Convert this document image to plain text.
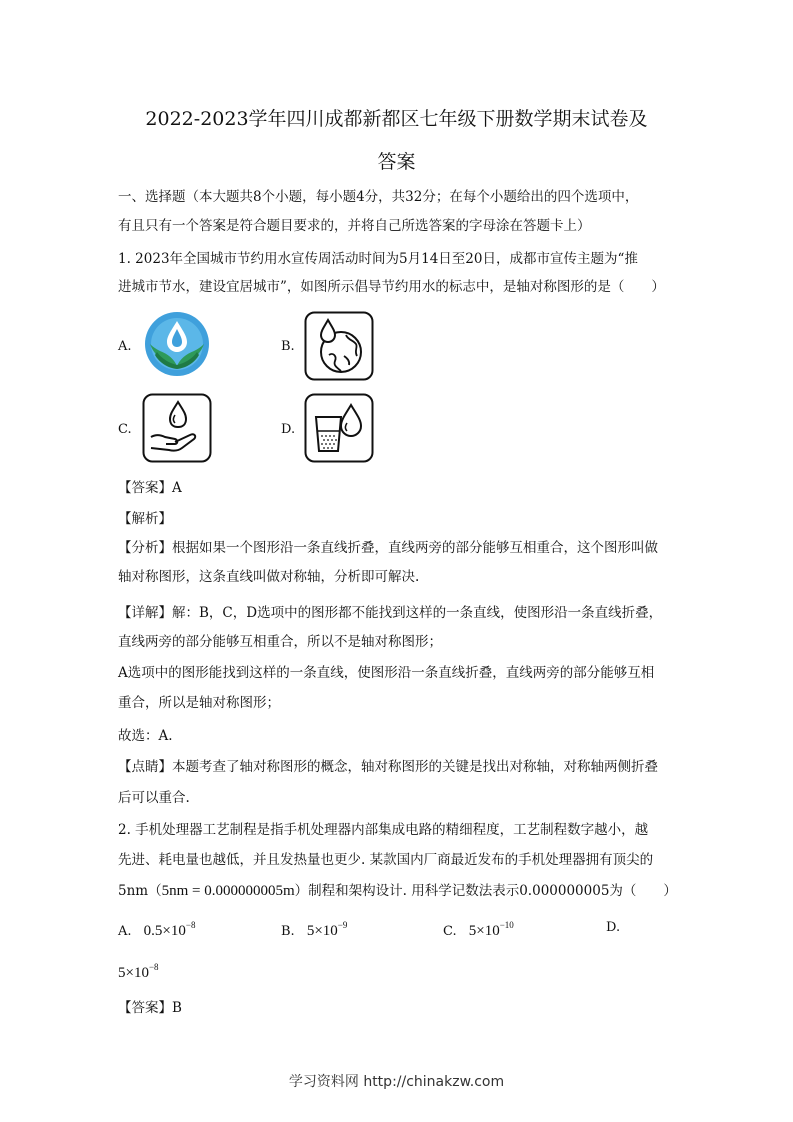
2022-2023学年四川成都新都区七年级下册数学期末试卷及
答案
一、选择题（本大题共8个小题，每小题4分，共32分；在每个小题给出的四个选项中，
有且只有一个答案是符合题目要求的，并将自己所选答案的字母涂在答题卡上）
1. 2023年全国城市节约用水宣传周活动时间为5月14日至20日，成都市宣传主题为“推
进城市节水，建设宜居城市”，如图所示倡导节约用水的标志中，是轴对称图形的是（　　）
A.	B.
C.	D.
【答案】A
【解析】
【分析】根据如果一个图形沿一条直线折叠，直线两旁的部分能够互相重合，这个图形叫做
轴对称图形，这条直线叫做对称轴，分析即可解决.
【详解】解：B，C，D选项中的图形都不能找到这样的一条直线，使图形沿一条直线折叠，
直线两旁的部分能够互相重合，所以不是轴对称图形；
A选项中的图形能找到这样的一条直线，使图形沿一条直线折叠，直线两旁的部分能够互相
重合，所以是轴对称图形；
故选：A.
【点睛】本题考查了轴对称图形的概念，轴对称图形的关键是找出对称轴，对称轴两侧折叠
后可以重合.
2. 手机处理器工艺制程是指手机处理器内部集成电路的精细程度，工艺制程数字越小，越
先进、耗电量也越低，并且发热量也更少. 某款国内厂商最近发布的手机处理器拥有顶尖的
5nm（5nm = 0.000000005m）制程和架构设计. 用科学记数法表示0.000000005为（　　）
A. $0.5\times 10^{-8}$	B. $5\times 10^{-9}$	C. $5\times 10^{-10}$	D.
$5\times 10^{-8}$
【答案】B
学习资料网 http://chinakzw.com
